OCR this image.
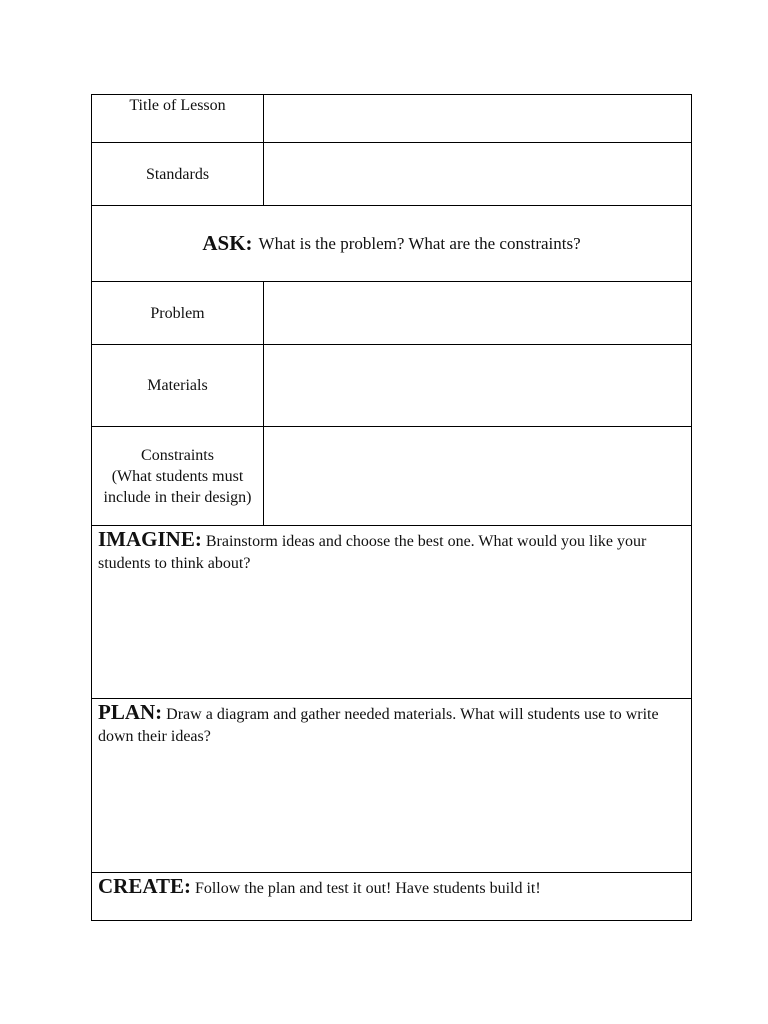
Title of Lesson
Standards
ASK: What is the problem? What are the constraints?
Problem
Materials
Constraints
(What students must include in their design)
IMAGINE: Brainstorm ideas and choose the best one. What would you like your students to think about?
PLAN: Draw a diagram and gather needed materials. What will students use to write down their ideas?
CREATE: Follow the plan and test it out! Have students build it!
